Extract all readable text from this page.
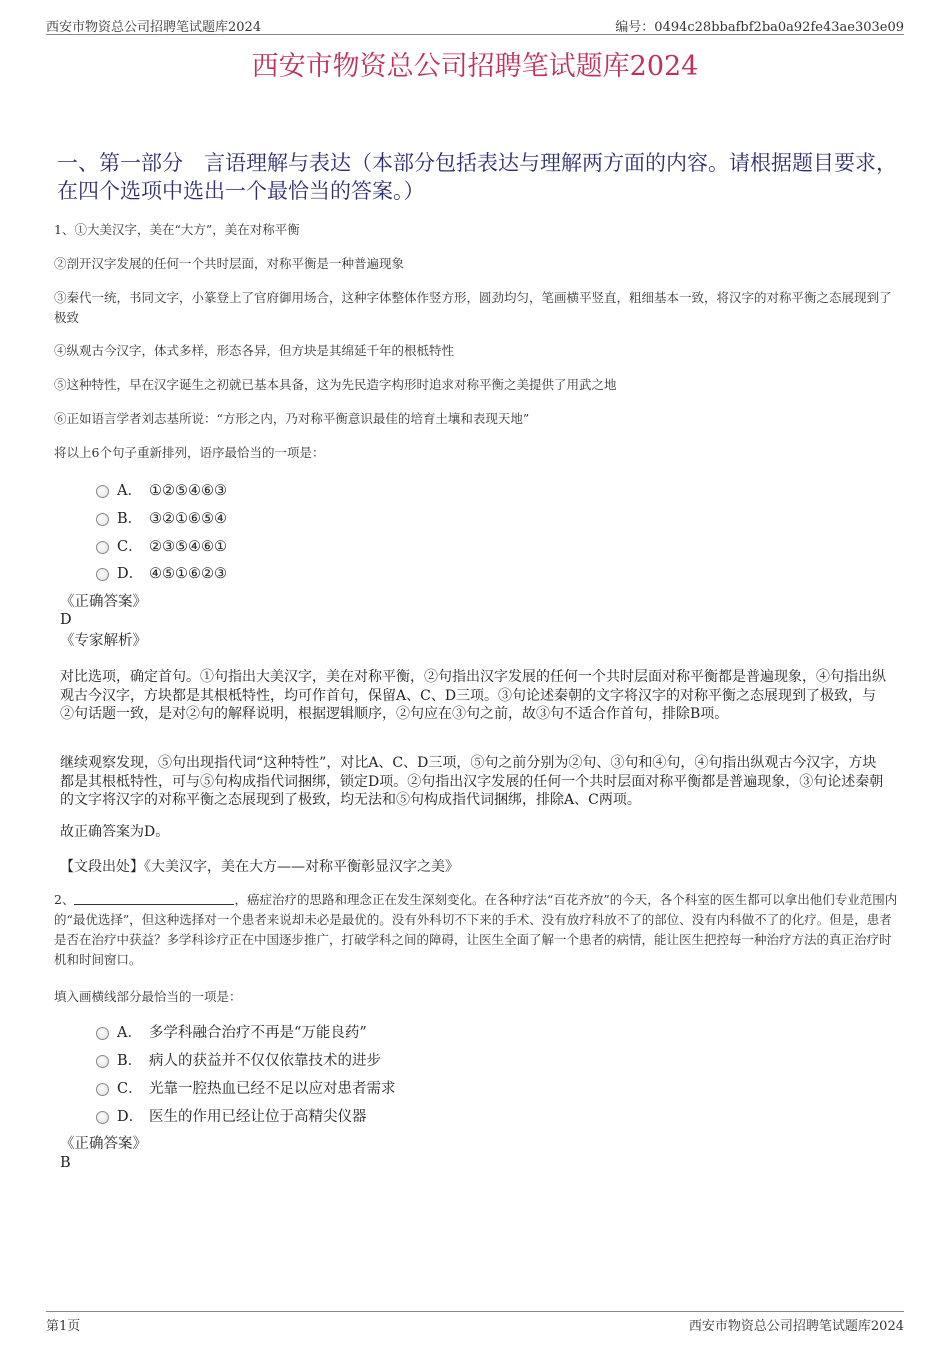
西安市物资总公司招聘笔试题库2024	编号：0494c28bbafbf2ba0a92fe43ae303e09
西安市物资总公司招聘笔试题库2024
一、第一部分　言语理解与表达（本部分包括表达与理解两方面的内容。请根据题目要求，在四个选项中选出一个最恰当的答案。）
1、①大美汉字，美在“大方”，美在对称平衡
②剖开汉字发展的任何一个共时层面，对称平衡是一种普遍现象
③秦代一统，书同文字，小篆登上了官府御用场合，这种字体整体作竖方形，圆劲均匀，笔画横平竖直，粗细基本一致，将汉字的对称平衡之态展现到了极致
④纵观古今汉字，体式多样，形态各异，但方块是其绵延千年的根柢特性
⑤这种特性，早在汉字诞生之初就已基本具备，这为先民造字构形时追求对称平衡之美提供了用武之地
⑥正如语言学者刘志基所说：“方形之内，乃对称平衡意识最佳的培育土壤和表现天地”
将以上6个句子重新排列，语序最恰当的一项是：
A． ①②⑤④⑥③
B． ③②①⑥⑤④
C． ②③⑤④⑥①
D． ④⑤①⑥②③
《正确答案》
D
《专家解析》
对比选项，确定首句。①句指出大美汉字，美在对称平衡，②句指出汉字发展的任何一个共时层面对称平衡都是普遍现象，④句指出纵观古今汉字，方块都是其根柢特性，均可作首句，保留A、C、D三项。③句论述秦朝的文字将汉字的对称平衡之态展现到了极致，与②句话题一致，是对②句的解释说明，根据逻辑顺序，②句应在③句之前，故③句不适合作首句，排除B项。
继续观察发现，⑤句出现指代词“这种特性”，对比A、C、D三项，⑤句之前分别为②句、③句和④句，④句指出纵观古今汉字，方块都是其根柢特性，可与⑤句构成指代词捆绑，锁定D项。②句指出汉字发展的任何一个共时层面对称平衡都是普遍现象，③句论述秦朝的文字将汉字的对称平衡之态展现到了极致，均无法和⑤句构成指代词捆绑，排除A、C两项。
故正确答案为D。
【文段出处】《大美汉字，美在大方——对称平衡彰显汉字之美》
2、	，癌症治疗的思路和理念正在发生深刻变化。在各种疗法“百花齐放”的今天，各个科室的医生都可以拿出他们专业范围内的“最优选择”，但这种选择对一个患者来说却未必是最优的。没有外科切不下来的手术、没有放疗科放不了的部位、没有内科做不了的化疗。但是，患者是否在治疗中获益？多学科诊疗正在中国逐步推广，打破学科之间的障碍，让医生全面了解一个患者的病情，能让医生把控每一种治疗方法的真正治疗时机和时间窗口。
填入画横线部分最恰当的一项是：
A． 多学科融合治疗不再是“万能良药”
B． 病人的获益并不仅仅依靠技术的进步
C． 光靠一腔热血已经不足以应对患者需求
D． 医生的作用已经让位于高精尖仪器
《正确答案》
B
第1页	西安市物资总公司招聘笔试题库2024
